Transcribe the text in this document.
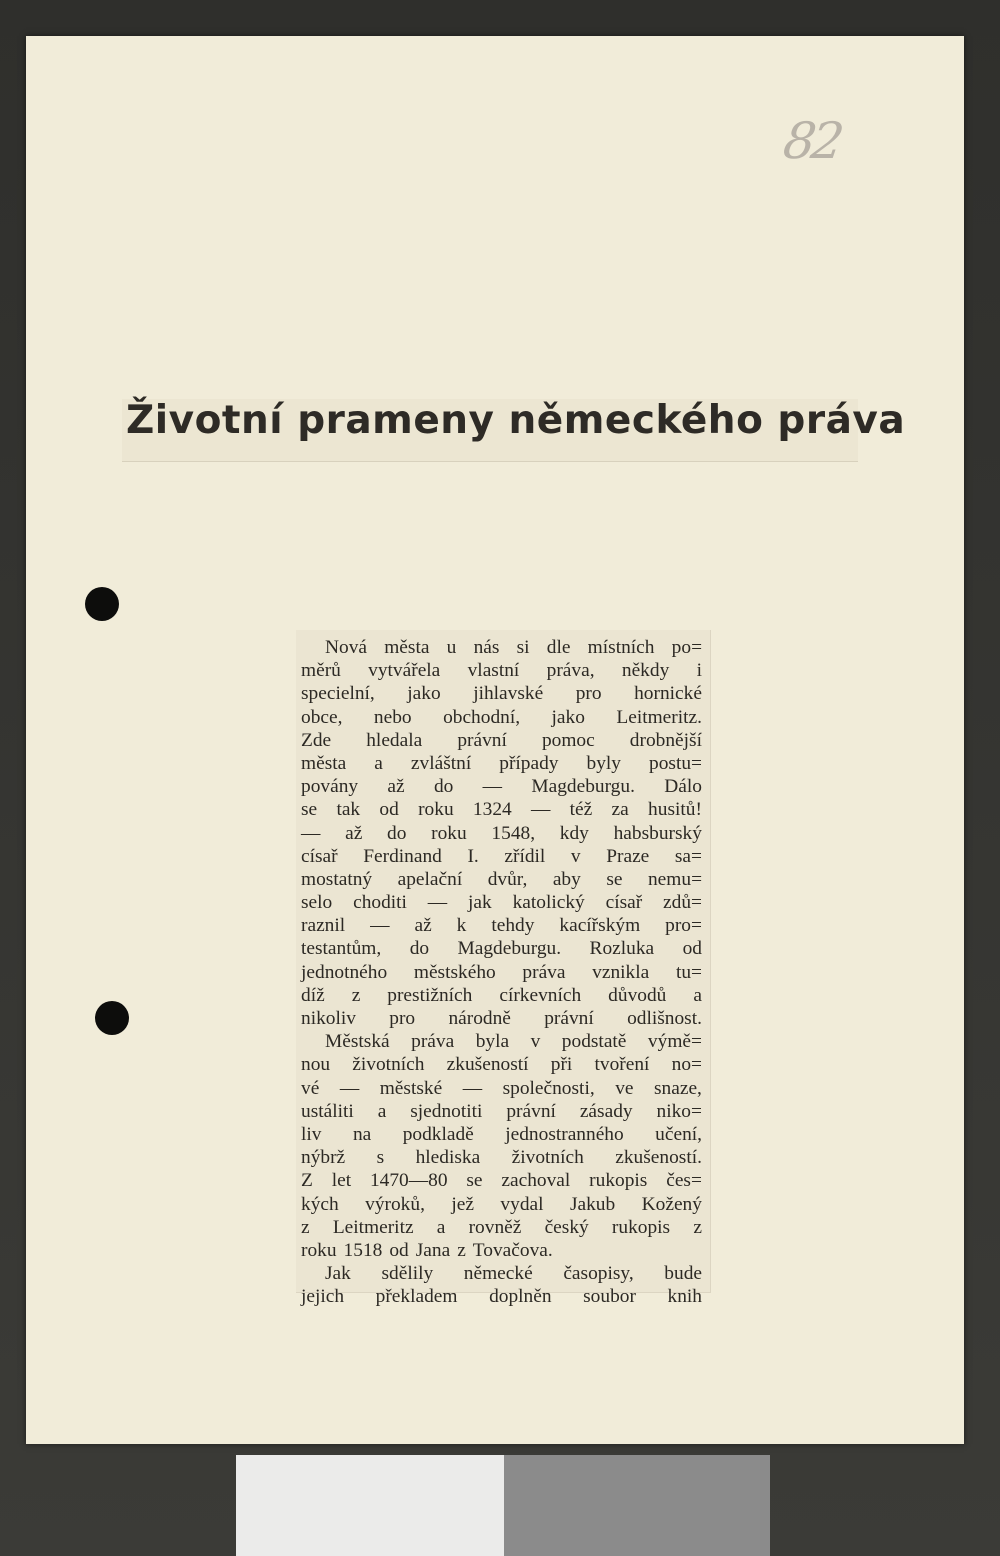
82
Životní prameny německého práva
Nová města u nás si dle místních po=
měrů vytvářela vlastní práva, někdy i
specielní, jako jihlavské pro hornické
obce, nebo obchodní, jako Leitmeritz.
Zde hledala právní pomoc drobnější
města a zvláštní případy byly postu=
povány až do — Magdeburgu. Dálo
se tak od roku 1324 — též za husitů!
— až do roku 1548, kdy habsburský
císař Ferdinand I. zřídil v Praze sa=
mostatný apelační dvůr, aby se nemu=
selo choditi — jak katolický císař zdů=
raznil — až k tehdy kacířským pro=
testantům, do Magdeburgu. Rozluka od
jednotného městského práva vznikla tu=
díž z prestižních církevních důvodů a
nikoliv pro národně právní odlišnost.
Městská práva byla v podstatě výmě=
nou životních zkušeností při tvoření no=
vé — městské — společnosti, ve snaze,
ustáliti a sjednotiti právní zásady niko=
liv na podkladě jednostranného učení,
nýbrž s hlediska životních zkušeností.
Z let 1470—80 se zachoval rukopis čes=
kých výroků, jež vydal Jakub Kožený
z Leitmeritz a rovněž český rukopis z
roku 1518 od Jana z Tovačova.
Jak sdělily německé časopisy, bude
jejich překladem doplněn soubor knih
